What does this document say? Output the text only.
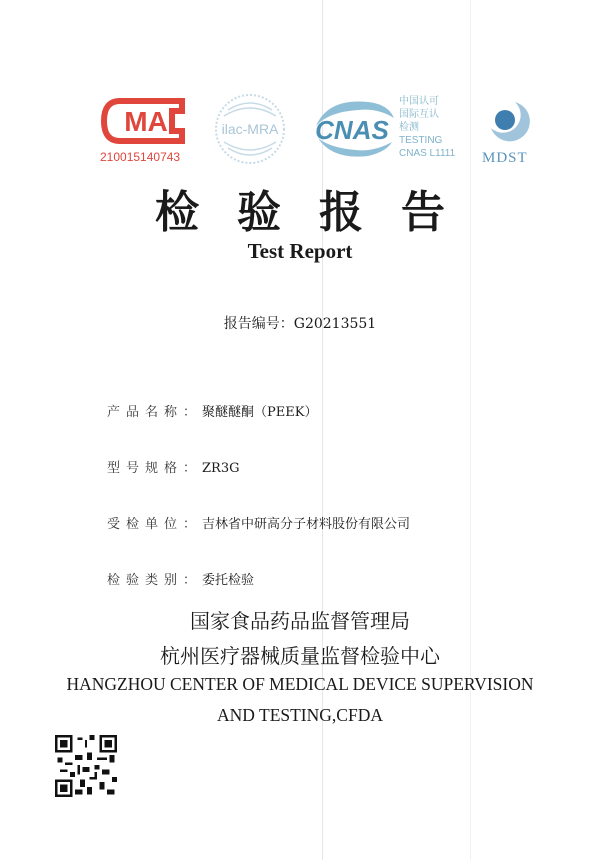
MA
210015140743
ilac-MRA CNAS
中国认可
国际互认
检测
TESTING
CNAS L1111 MDST
检验报告
Test Report
报告编号：G20213551
产品名称：聚醚醚酮（PEEK）
型号规格：ZR3G
受检单位：吉林省中研高分子材料股份有限公司
检验类别：委托检验
国家食品药品监督管理局
杭州医疗器械质量监督检验中心
HANGZHOU CENTER OF MEDICAL DEVICE SUPERVISION
AND TESTING,CFDA
